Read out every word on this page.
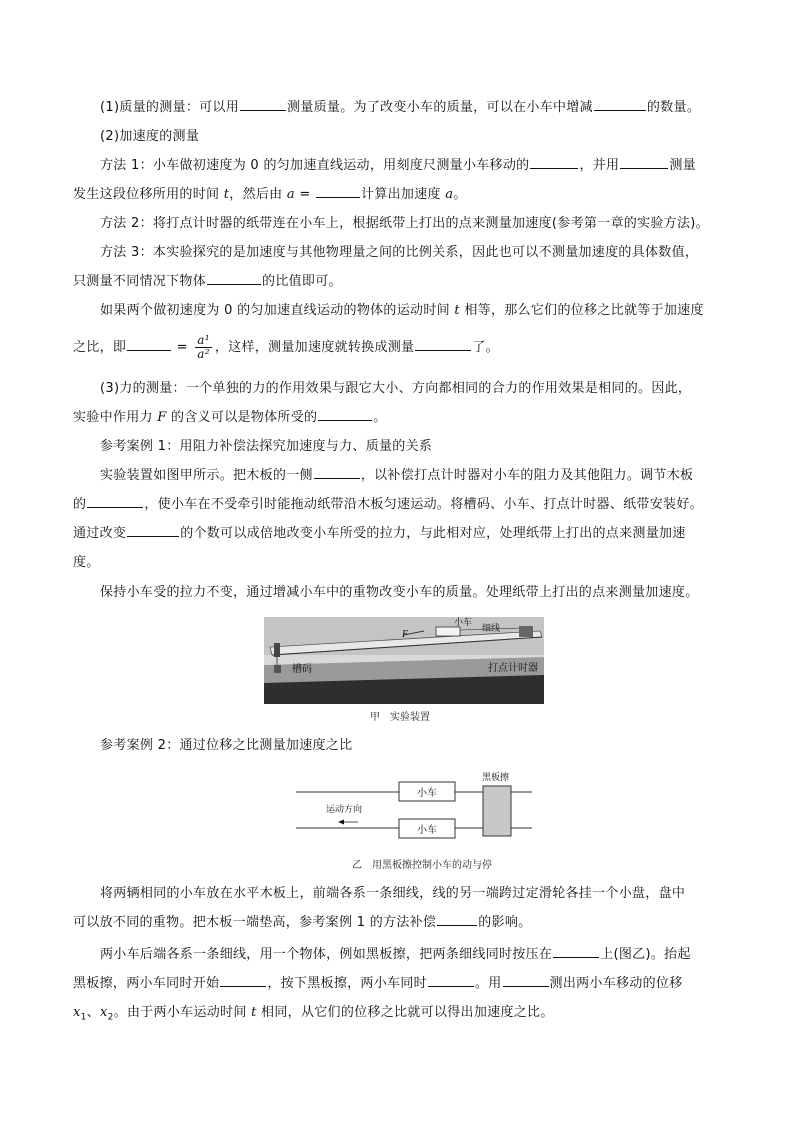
(1)质量的测量：可以用	测量质量。为了改变小车的质量，可以在小车中增减	的数量。
(2)加速度的测量
方法 1：小车做初速度为 0 的匀加速直线运动，用刻度尺测量小车移动的	，并用	测量
发生这段位移所用的时间 t，然后由 a =	计算出加速度 a。
方法 2：将打点计时器的纸带连在小车上，根据纸带上打出的点来测量加速度(参考第一章的实验方法)。
方法 3：本实验探究的是加速度与其他物理量之间的比例关系，因此也可以不测量加速度的具体数值，
只测量不同情况下物体	的比值即可。
如果两个做初速度为 0 的匀加速直线运动的物体的运动时间 t 相等，那么它们的位移之比就等于加速度
之比，即	= $\frac{\text{a¹}}{\text{a²}}$ ，这样，测量加速度就转换成测量	了。
(3)力的测量：一个单独的力的作用效果与跟它大小、方向都相同的合力的作用效果是相同的。因此，
实验中作用力 F 的含义可以是物体所受的	。
参考案例 1：用阻力补偿法探究加速度与力、质量的关系
实验装置如图甲所示。把木板的一侧	，以补偿打点计时器对小车的阻力及其他阻力。调节木板
的	，使小车在不受牵引时能拖动纸带沿木板匀速运动。将槽码、小车、打点计时器、纸带安装好。
通过改变	的个数可以成倍地改变小车所受的拉力，与此相对应，处理纸带上打出的点来测量加速
度。
保持小车受的拉力不变，通过增减小车中的重物改变小车的质量。处理纸带上打出的点来测量加速度。
F
小车
细线
槽码	打点计时器
甲　实验装置
参考案例 2：通过位移之比测量加速度之比
小车
小车
黑板擦
运动方向
乙　用黑板擦控制小车的动与停
将两辆相同的小车放在水平木板上，前端各系一条细线，线的另一端跨过定滑轮各挂一个小盘，盘中
可以放不同的重物。把木板一端垫高，参考案例 1 的方法补偿	的影响。
两小车后端各系一条细线，用一个物体，例如黑板擦，把两条细线同时按压在	上(图乙)。抬起
黑板擦，两小车同时开始	，按下黑板擦，两小车同时	。用	测出两小车移动的位移
$x_1$、$x_2$。由于两小车运动时间 t 相同，从它们的位移之比就可以得出加速度之比。
